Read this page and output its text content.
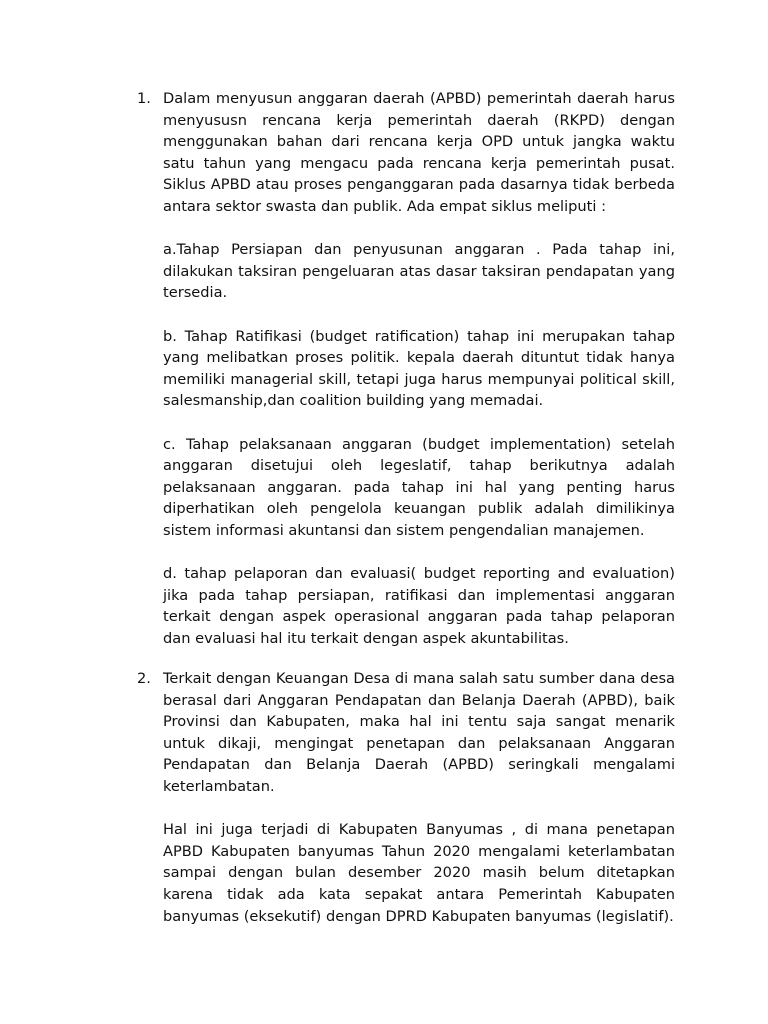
1. Dalam menyusun anggaran daerah (APBD) pemerintah daerah harus menyususn rencana kerja pemerintah daerah (RKPD) dengan menggunakan bahan dari rencana kerja OPD untuk jangka waktu satu tahun yang mengacu pada rencana kerja pemerintah pusat. Siklus APBD atau proses penganggaran pada dasarnya tidak berbeda antara sektor swasta dan publik. Ada empat siklus meliputi :

a.Tahap Persiapan dan penyusunan anggaran . Pada tahap ini, dilakukan taksiran pengeluaran atas dasar taksiran pendapatan yang tersedia.

b. Tahap Ratifikasi (budget ratification) tahap ini merupakan tahap yang melibatkan proses politik. kepala daerah dituntut tidak hanya memiliki managerial skill, tetapi juga harus mempunyai political skill, salesmanship,dan coalition building yang memadai.

c. Tahap pelaksanaan anggaran (budget implementation) setelah anggaran disetujui oleh legeslatif, tahap berikutnya adalah pelaksanaan anggaran. pada tahap ini hal yang penting harus diperhatikan oleh pengelola keuangan publik adalah dimilikinya sistem informasi akuntansi dan sistem pengendalian manajemen.

d. tahap pelaporan dan evaluasi( budget reporting and evaluation) jika pada tahap persiapan, ratifikasi dan implementasi anggaran terkait dengan aspek operasional anggaran pada tahap pelaporan dan evaluasi hal itu terkait dengan aspek akuntabilitas.

2. Terkait dengan Keuangan Desa di mana salah satu sumber dana desa berasal dari Anggaran Pendapatan dan Belanja Daerah (APBD), baik Provinsi dan Kabupaten, maka hal ini tentu saja sangat menarik untuk dikaji, mengingat penetapan dan pelaksanaan Anggaran Pendapatan dan Belanja Daerah (APBD) seringkali mengalami keterlambatan.

Hal ini juga terjadi di Kabupaten Banyumas , di mana penetapan APBD Kabupaten banyumas Tahun 2020 mengalami keterlambatan sampai dengan bulan desember 2020 masih belum ditetapkan karena tidak ada kata sepakat antara Pemerintah Kabupaten banyumas (eksekutif) dengan DPRD Kabupaten banyumas (legislatif).
